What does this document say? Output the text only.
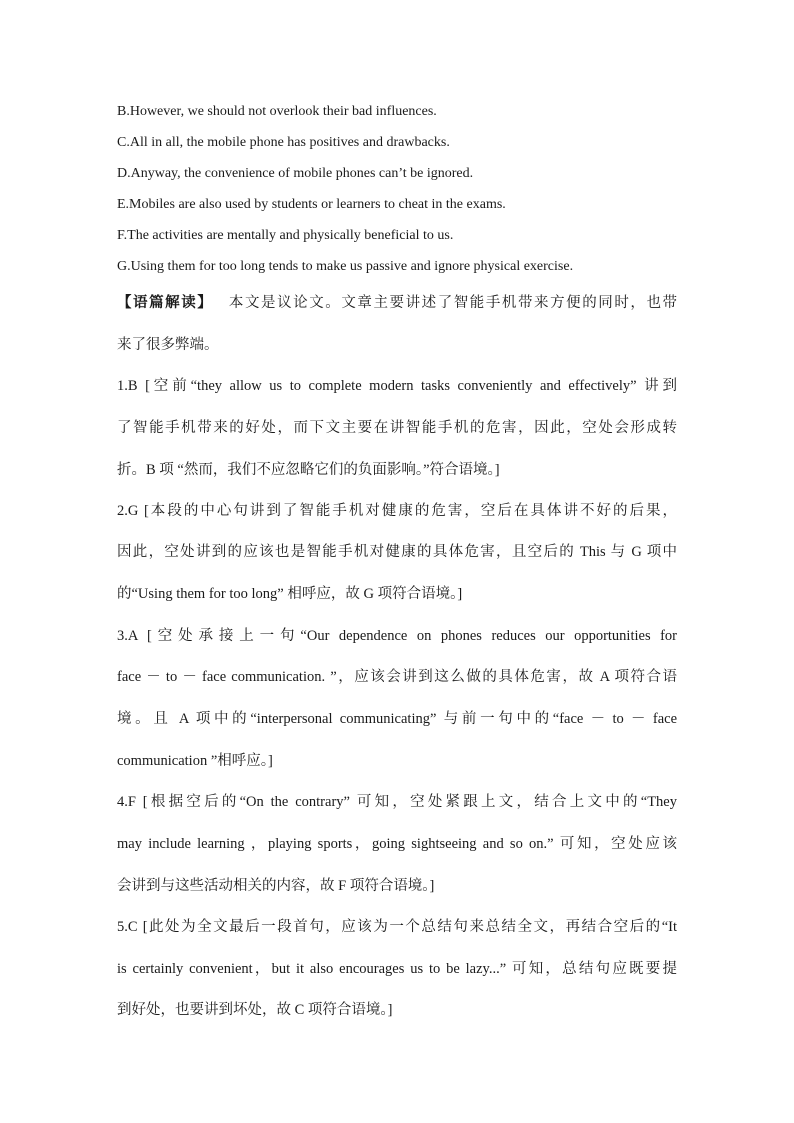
B.However, we should not overlook their bad influences.
C.All in all, the mobile phone has positives and drawbacks.
D.Anyway, the convenience of mobile phones can’t be ignored.
E.Mobiles are also used by students or learners to cheat in the exams.
F.The activities are mentally and physically beneficial to us.
G.Using them for too long tends to make us passive and ignore physical exercise.
【语篇解读】 本文是议论文。文章主要讲述了智能手机带来方便的同时，也带
来了很多弊端。
1.B [空前“they allow us to complete modern tasks conveniently and effectively” 讲到
了智能手机带来的好处，而下文主要在讲智能手机的危害，因此，空处会形成转
折。B 项 “然而，我们不应忽略它们的负面影响。”符合语境。]
2.G [本段的中心句讲到了智能手机对健康的危害，空后在具体讲不好的后果，
因此，空处讲到的应该也是智能手机对健康的具体危害，且空后的 This 与 G 项中
的“Using them for too long” 相呼应，故 G 项符合语境。]
3.A [空处承接上一句“Our dependence on phones reduces our opportunities for
face － to － face communication. ”，应该会讲到这么做的具体危害，故 A 项符合语
境。且 A 项中的“interpersonal communicating” 与前一句中的“face － to － face
communication ”相呼应。]
4.F [根据空后的“On the contrary” 可知，空处紧跟上文，结合上文中的“They
may include learning ，playing sports，going sightseeing and so on.” 可知，空处应该
会讲到与这些活动相关的内容，故 F 项符合语境。]
5.C [此处为全文最后一段首句，应该为一个总结句来总结全文，再结合空后的“It
is certainly convenient，but it also encourages us to be lazy...” 可知，总结句应既要提
到好处，也要讲到坏处，故 C 项符合语境。]
